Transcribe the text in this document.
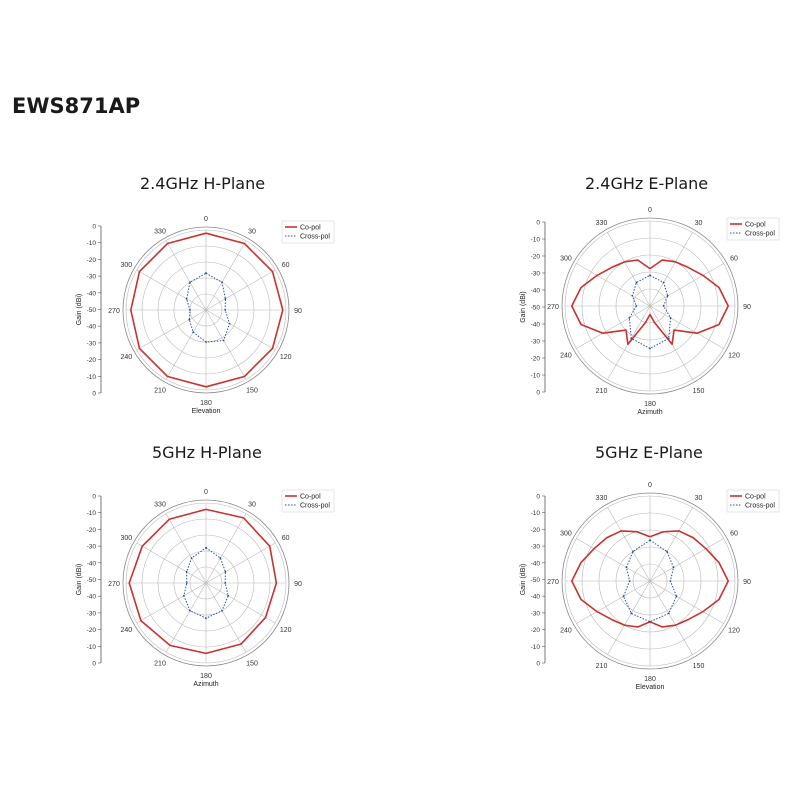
EWS871AP
2.4GHz H-Plane	2.4GHz E-Plane
5GHz H-Plane	5GHz E-Plane
0
30
60
90
120
150
180
210
240
270
300
330
0
-10
-20
-30
-40
-50
-40
-30
-20
-10
0
Gain (dBi)
Elevation
Co-pol
Cross-pol
0
30
60
90
120
150
180
210
240
270
300
330
0
-10
-20
-30
-40
-50
-40
-30
-20
-10
0
Gain (dBi)
Azimuth
Co-pol
Cross-pol
0
30
60
90
120
150
180
210
240
270
300
330
0
-10
-20
-30
-40
-50
-40
-30
-20
-10
0
Gain (dBi)
Azimuth
Co-pol
Cross-pol
0
30
60
90
120
150
180
210
240
270
300
330
0
-10
-20
-30
-40
-50
-40
-30
-20
-10
0
Gain (dBi)
Elevation
Co-pol
Cross-pol
